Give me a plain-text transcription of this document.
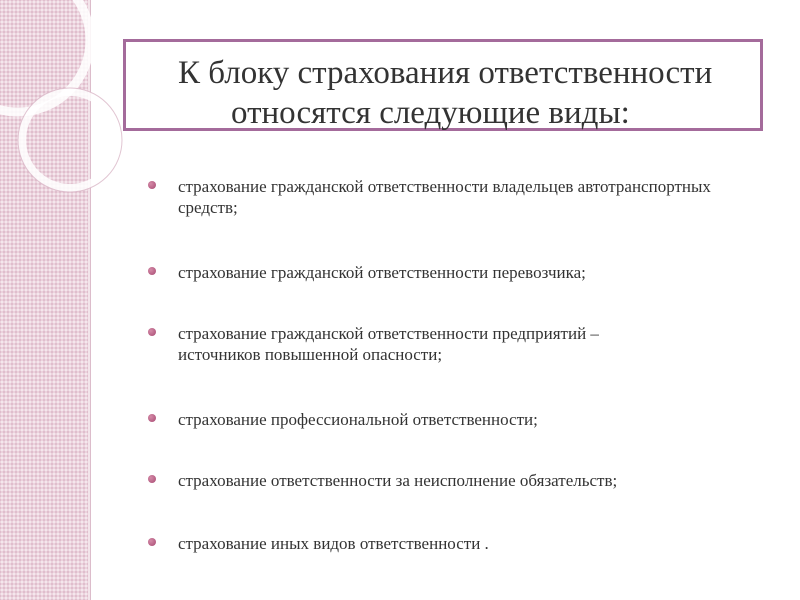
К блоку страхования ответственности
относятся следующие виды:
страхование гражданской ответственности владельцев автотранспортных средств;
страхование гражданской ответственности перевозчика;
страхование гражданской ответственности предприятий – источников повышенной опасности;
страхование профессиональной ответственности;
страхование ответственности за неисполнение обязательств;
страхование иных видов ответственности .
